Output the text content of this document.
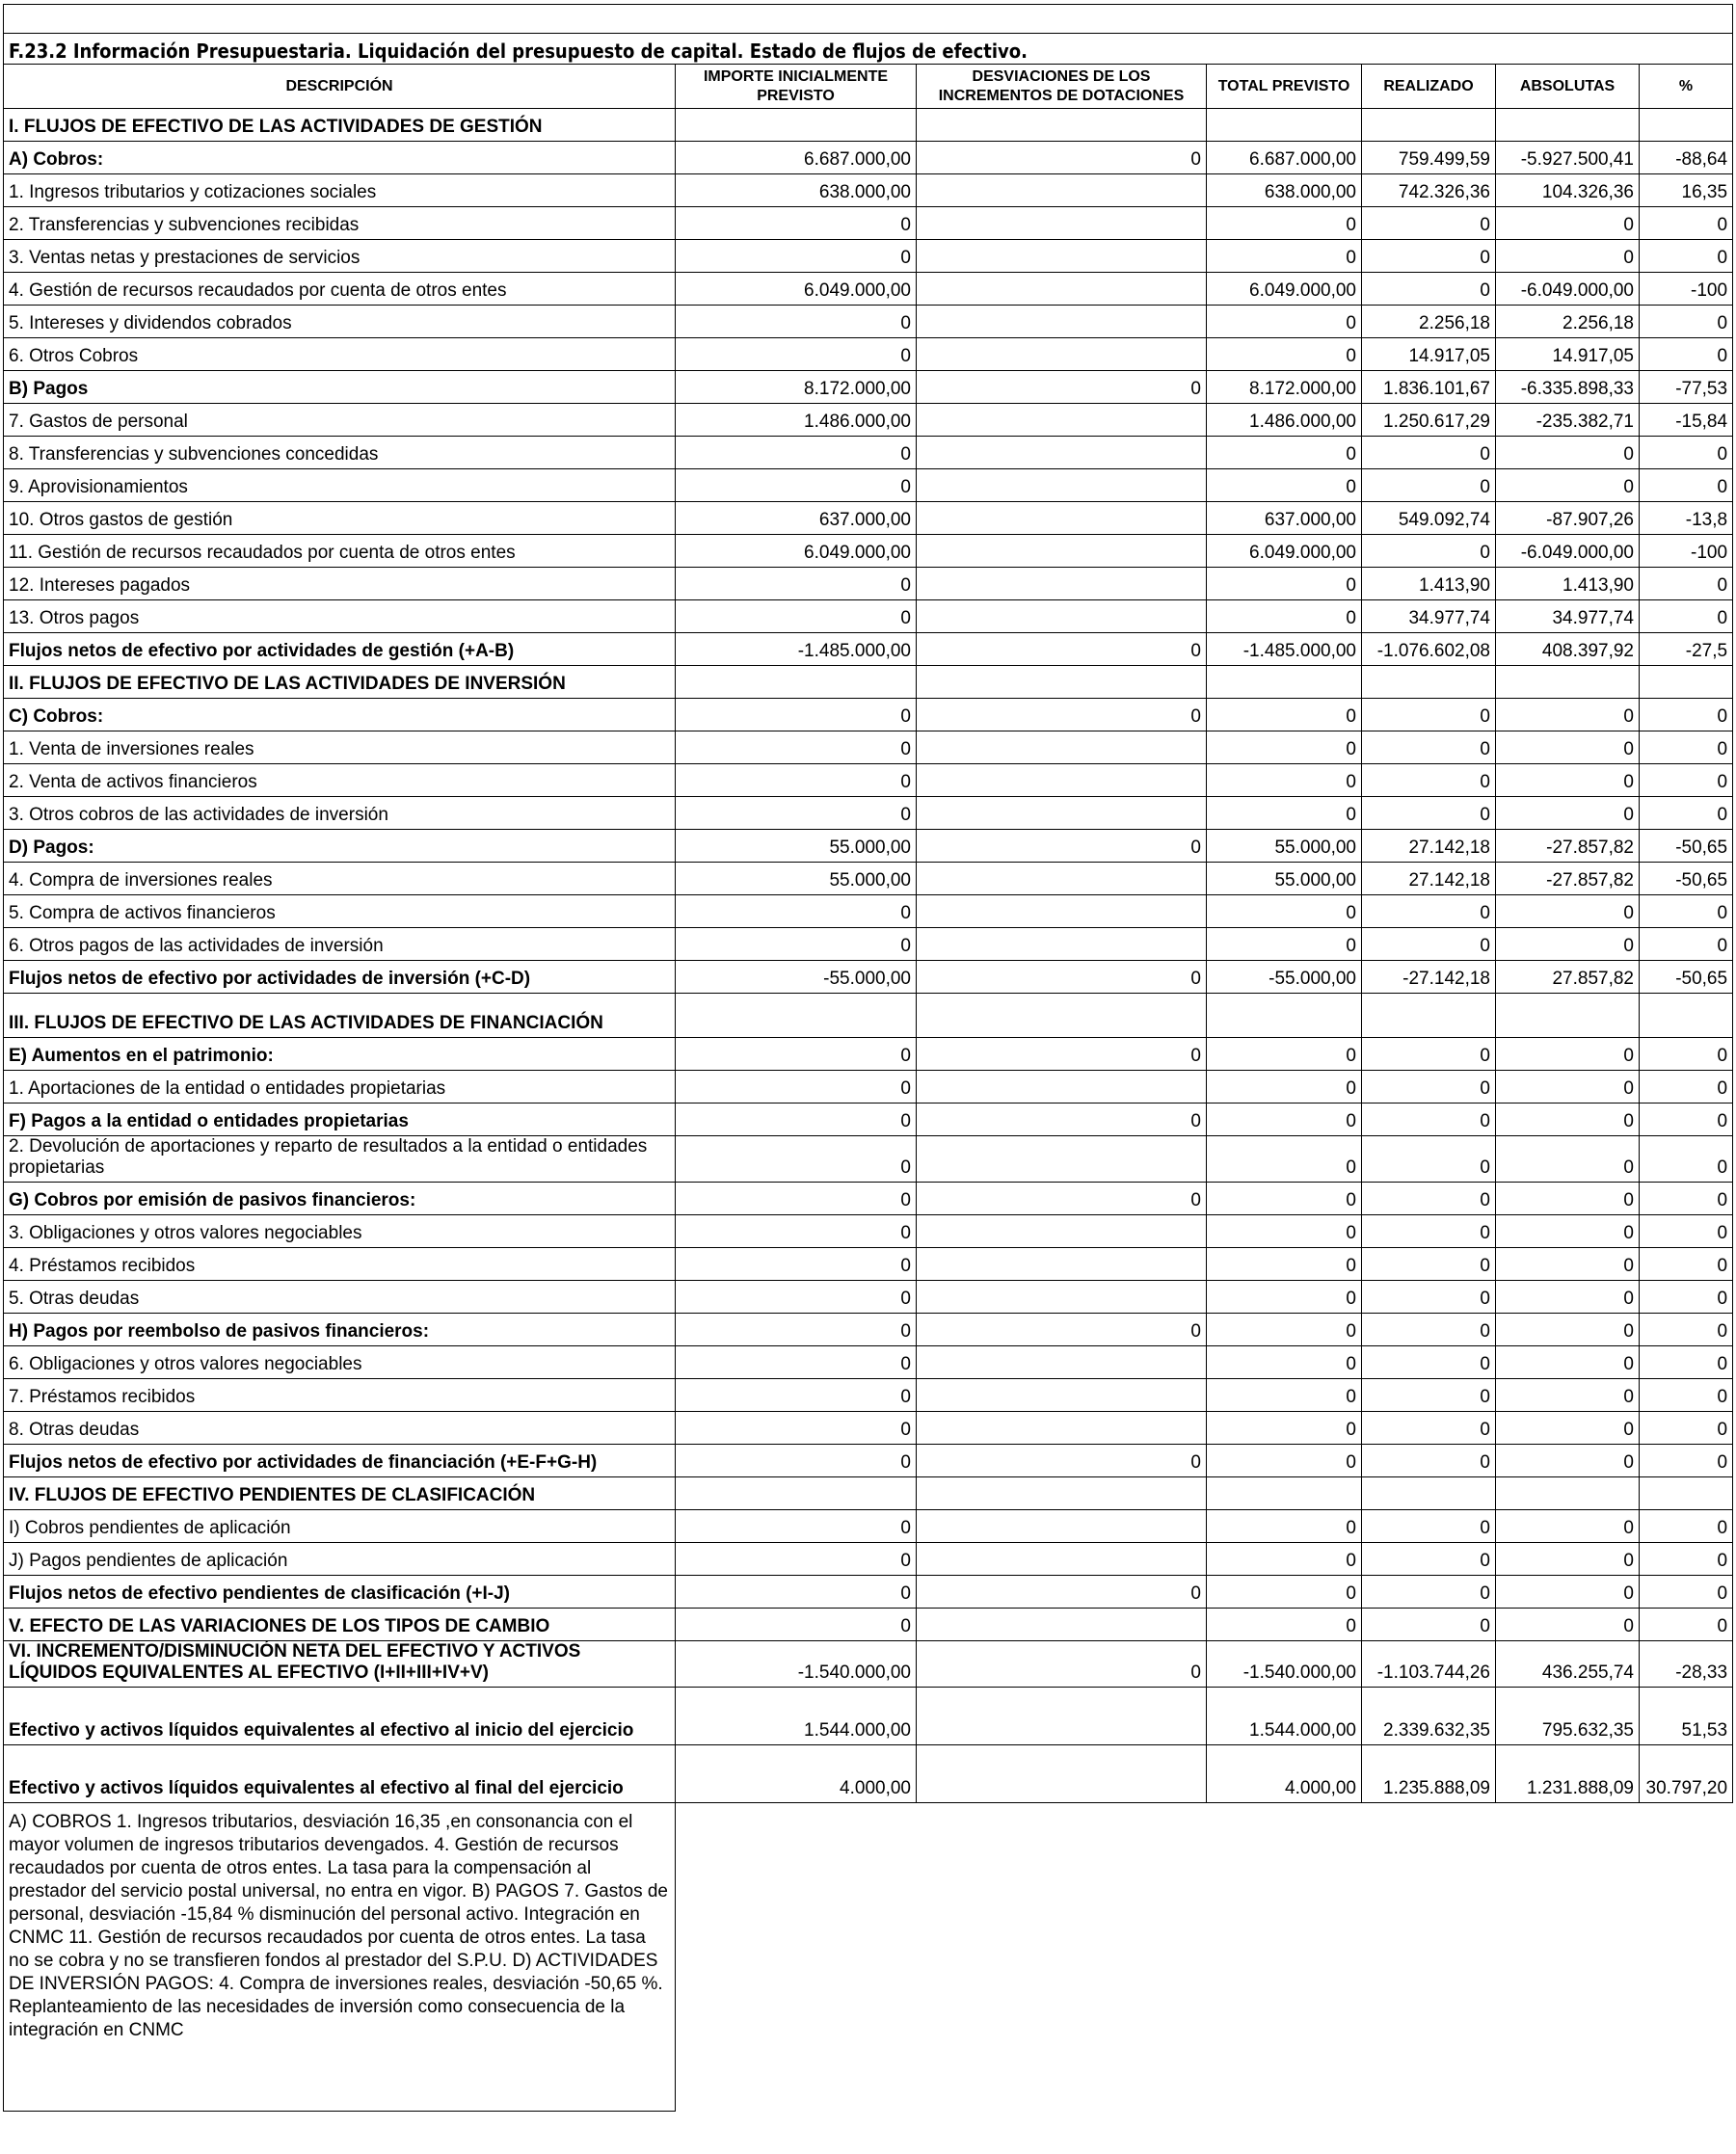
F.23.2 Información Presupuestaria. Liquidación del presupuesto de capital. Estado de flujos de efectivo.						
DESCRIPCIÓN	IMPORTE INICIALMENTE PREVISTO	DESVIACIONES DE LOS INCREMENTOS DE DOTACIONES	TOTAL PREVISTO	REALIZADO	ABSOLUTAS	%
I. FLUJOS DE EFECTIVO DE LAS ACTIVIDADES DE GESTIÓN						
A) Cobros:	6.687.000,00	0	6.687.000,00	759.499,59	-5.927.500,41	-88,64
1. Ingresos tributarios y cotizaciones sociales	638.000,00		638.000,00	742.326,36	104.326,36	16,35
2. Transferencias y subvenciones recibidas	0		0	0	0	0
3. Ventas netas y prestaciones de servicios	0		0	0	0	0
4. Gestión de recursos recaudados por cuenta de otros entes	6.049.000,00		6.049.000,00	0	-6.049.000,00	-100
5. Intereses y dividendos cobrados	0		0	2.256,18	2.256,18	0
6. Otros Cobros	0		0	14.917,05	14.917,05	0
B) Pagos	8.172.000,00	0	8.172.000,00	1.836.101,67	-6.335.898,33	-77,53
7. Gastos de personal	1.486.000,00		1.486.000,00	1.250.617,29	-235.382,71	-15,84
8. Transferencias y subvenciones concedidas	0		0	0	0	0
9. Aprovisionamientos	0		0	0	0	0
10. Otros gastos de gestión	637.000,00		637.000,00	549.092,74	-87.907,26	-13,8
11. Gestión de recursos recaudados por cuenta de otros entes	6.049.000,00		6.049.000,00	0	-6.049.000,00	-100
12. Intereses pagados	0		0	1.413,90	1.413,90	0
13. Otros pagos	0		0	34.977,74	34.977,74	0
Flujos netos de efectivo por actividades de gestión (+A-B)	-1.485.000,00	0	-1.485.000,00	-1.076.602,08	408.397,92	-27,5
II. FLUJOS DE EFECTIVO DE LAS ACTIVIDADES DE INVERSIÓN						
C) Cobros:	0	0	0	0	0	0
1. Venta de inversiones reales	0		0	0	0	0
2. Venta de activos financieros	0		0	0	0	0
3. Otros cobros de las actividades de inversión	0		0	0	0	0
D) Pagos:	55.000,00	0	55.000,00	27.142,18	-27.857,82	-50,65
4. Compra de inversiones reales	55.000,00		55.000,00	27.142,18	-27.857,82	-50,65
5. Compra de activos financieros	0		0	0	0	0
6. Otros pagos de las actividades de inversión	0		0	0	0	0
Flujos netos de efectivo por actividades de inversión (+C-D)	-55.000,00	0	-55.000,00	-27.142,18	27.857,82	-50,65
III. FLUJOS DE EFECTIVO DE LAS ACTIVIDADES DE FINANCIACIÓN						
E) Aumentos en el patrimonio:	0	0	0	0	0	0
1. Aportaciones de la entidad o entidades propietarias	0		0	0	0	0
F) Pagos a la entidad o entidades propietarias	0	0	0	0	0	0
2. Devolución de aportaciones y reparto de resultados a la entidad o entidades propietarias	0		0	0	0	0
G) Cobros por emisión de pasivos financieros:	0	0	0	0	0	0
3. Obligaciones y otros valores negociables	0		0	0	0	0
4. Préstamos recibidos	0		0	0	0	0
5. Otras deudas	0		0	0	0	0
H) Pagos por reembolso de pasivos financieros:	0	0	0	0	0	0
6. Obligaciones y otros valores negociables	0		0	0	0	0
7. Préstamos recibidos	0		0	0	0	0
8. Otras deudas	0		0	0	0	0
Flujos netos de efectivo por actividades de financiación (+E-F+G-H)	0	0	0	0	0	0
IV. FLUJOS DE EFECTIVO PENDIENTES DE CLASIFICACIÓN						
I) Cobros pendientes de aplicación	0		0	0	0	0
J) Pagos pendientes de aplicación	0		0	0	0	0
Flujos netos de efectivo pendientes de clasificación (+I-J)	0	0	0	0	0	0
V. EFECTO DE LAS VARIACIONES DE LOS TIPOS DE CAMBIO	0		0	0	0	0
VI. INCREMENTO/DISMINUCIÓN NETA DEL EFECTIVO Y ACTIVOS LÍQUIDOS EQUIVALENTES AL EFECTIVO (I+II+III+IV+V)	-1.540.000,00	0	-1.540.000,00	-1.103.744,26	436.255,74	-28,33
Efectivo y activos líquidos equivalentes al efectivo al inicio del ejercicio	1.544.000,00		1.544.000,00	2.339.632,35	795.632,35	51,53
Efectivo y activos líquidos equivalentes al efectivo al final del ejercicio	4.000,00		4.000,00	1.235.888,09	1.231.888,09	30.797,20
A) COBROS 1. Ingresos tributarios, desviación 16,35 ,en consonancia con el mayor volumen de ingresos tributarios devengados. 4. Gestión de recursos recaudados por cuenta de otros entes. La tasa para la compensación al prestador del servicio postal universal, no entra en vigor. B) PAGOS 7. Gastos de personal, desviación -15,84 % disminución del personal activo. Integración en CNMC 11. Gestión de recursos recaudados por cuenta de otros entes. La tasa no se cobra y no se transfieren fondos al prestador del S.P.U. D) ACTIVIDADES DE INVERSIÓN PAGOS: 4. Compra de inversiones reales, desviación -50,65 %. Replanteamiento de las necesidades de inversión como consecuencia de la integración en CNMC						
